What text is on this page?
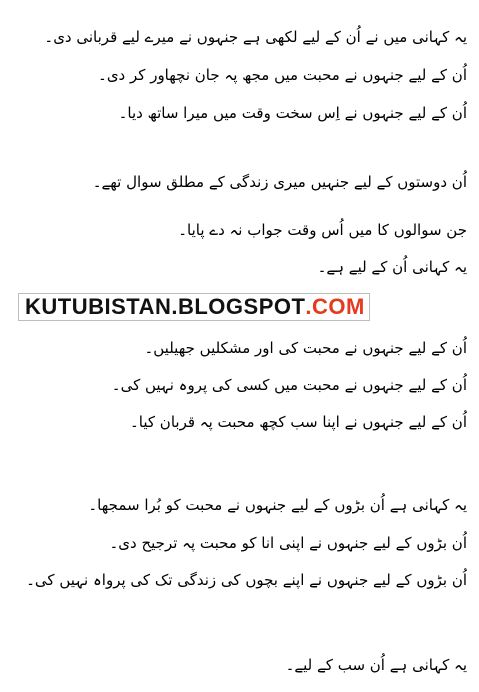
یہ کہانی میں نے اُن کے لیے لکھی ہے جنہوں نے میرے لیے قربانی دی۔
اُن کے لیے جنہوں نے محبت میں مجھ پہ جان نچھاور کر دی۔
اُن کے لیے جنہوں نے اِس سخت وقت میں میرا ساتھ دیا۔
اُن دوستوں کے لیے جنہیں میری زندگی کے مطلق سوال تھے۔
جن سوالوں کا میں اُس وقت جواب نہ دے پایا۔
یہ کہانی اُن کے لیے ہے۔
KUTUBISTAN.BLOGSPOT . COM
اُن کے لیے جنہوں نے محبت کی اور مشکلیں جھیلیں۔
اُن کے لیے جنہوں نے محبت میں کسی کی پروہ نہیں کی۔
اُن کے لیے جنہوں نے اپنا سب کچھ محبت پہ قربان کیا۔
یہ کہانی ہے اُن بڑوں کے لیے جنہوں نے محبت کو بُرا سمجھا۔
اُن بڑوں کے لیے جنہوں نے اپنی انا کو محبت پہ ترجیح دی۔
اُن بڑوں کے لیے جنہوں نے اپنے بچوں کی زندگی تک کی پرواہ نہیں کی۔
یہ کہانی ہے اُن سب کے لیے۔
